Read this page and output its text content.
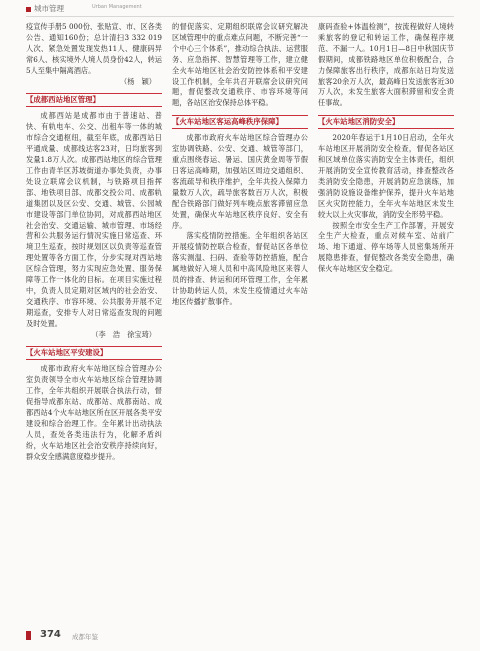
城市管理	Urban Management

疫宣传手册5 000份、张贴宣、市、区各类公告、通知160份；总计清扫3 332 019人次、紧急处置发现发热11人、健康码异常6人、核实境外人境人员身份42人，转运5人至集中隔离酒店。

（杨　颖）

【成都西站地区管理】

成都西站是成都市由于普速站、普快、有轨电车、公交、出租车等一体的城市综合交通枢纽，截至年底，成都西站日平通成量、成都线达客23对，日均旅客到发量1.8万人次。成都西站地区的综合管理工作由青羊区苏坡街道办事处负责，办事处设立联席会议机制，与铁路项目指挥部、地铁项目部、成都交投公司、成都轨道集团以及区公安、交通、城管、公园城市建设等部门单位协同，对成都西站地区社会治安、交通运输、城市管理、市场经营和公共服务运行情况实施日常巡查、环境卫生巡查，按时规划区以负责等巡查管理处置等各方面工作，分步实现对西站地区综合管理，努力实现应急处置、服务保障等工作一体化的目标。在项目实施过程中，负责人员定期对区域内的社会治安、交通秩序、市容环境、公共服务开展不定期巡查，安排专人对日常巡查发现的问题及时处置。

（李　浩　徐宝琦）

【火车站地区平安建设】

成都市政府火车站地区综合管理办公室负责领导全市火车站地区综合管理协调工作，全年共组织开展联合执法行动，督促指导成都东站、成都站、成都南站、成都西站4个火车站地区所在区开展各类平安建设和综合治理工作。全年累计出动执法人员，查处各类违法行为，化解矛盾纠纷，火车站地区社会治安秩序持续向好，群众安全感满意度稳步提升。

的督促落实、定期组织联席会议研究解决区域管理中的重点难点问题，不断完善“一个中心三个体系”，推动综合执法、运营服务、应急指挥、智慧管理等工作，建立健全火车站地区社会治安防控体系和平安建设工作机制，全年共召开联席会议研究问题，督促整改交通秩序、市容环境等问题，各站区治安保持总体平稳。

【火车站地区客运高峰秩序保障】

成都市政府火车站地区综合管理办公室协调铁路、公安、交通、城管等部门，重点围绕春运、暑运、国庆黄金周等节假日客运高峰期，加强站区周边交通组织、客流疏导和秩序维护，全年共投入保障力量数万人次，疏导旅客数百万人次，积极配合铁路部门做好列车晚点旅客滞留应急处置，确保火车站地区秩序良好、安全有序。

落实疫情防控措施。全年组织各站区开展疫情防控联合检查，督促站区各单位落实测温、扫码、查验等防控措施，配合属地做好入境人员和中高风险地区来蓉人员的排查、转运和闭环管理工作，全年累计协助转运人员，未发生疫情通过火车站地区传播扩散事件。

康码查验+体温检测”，按流程做好人境转乘旅客的登记和转运工作，确保程序规范、不漏一人。10月1日—8日中秋国庆节假期间，成都铁路地区单位积极配合，合力保障旅客出行秩序，成都东站日均发送旅客20余万人次，最高峰日发送旅客近30万人次，未发生旅客大面积滞留和安全责任事故。

【火车站地区消防安全】

2020年春运于1月10日启动，全年火车站地区开展消防安全检查，督促各站区和区域单位落实消防安全主体责任，组织开展消防安全宣传教育活动，排查整改各类消防安全隐患，开展消防应急演练，加强消防设施设备维护保养，提升火车站地区火灾防控能力，全年火车站地区未发生较大以上火灾事故，消防安全形势平稳。

按照全市安全生产工作部署，开展安全生产大检查，重点对候车室、站前广场、地下通道、停车场等人员密集场所开展隐患排查，督促整改各类安全隐患，确保火车站地区安全稳定。

374 成都年鉴
